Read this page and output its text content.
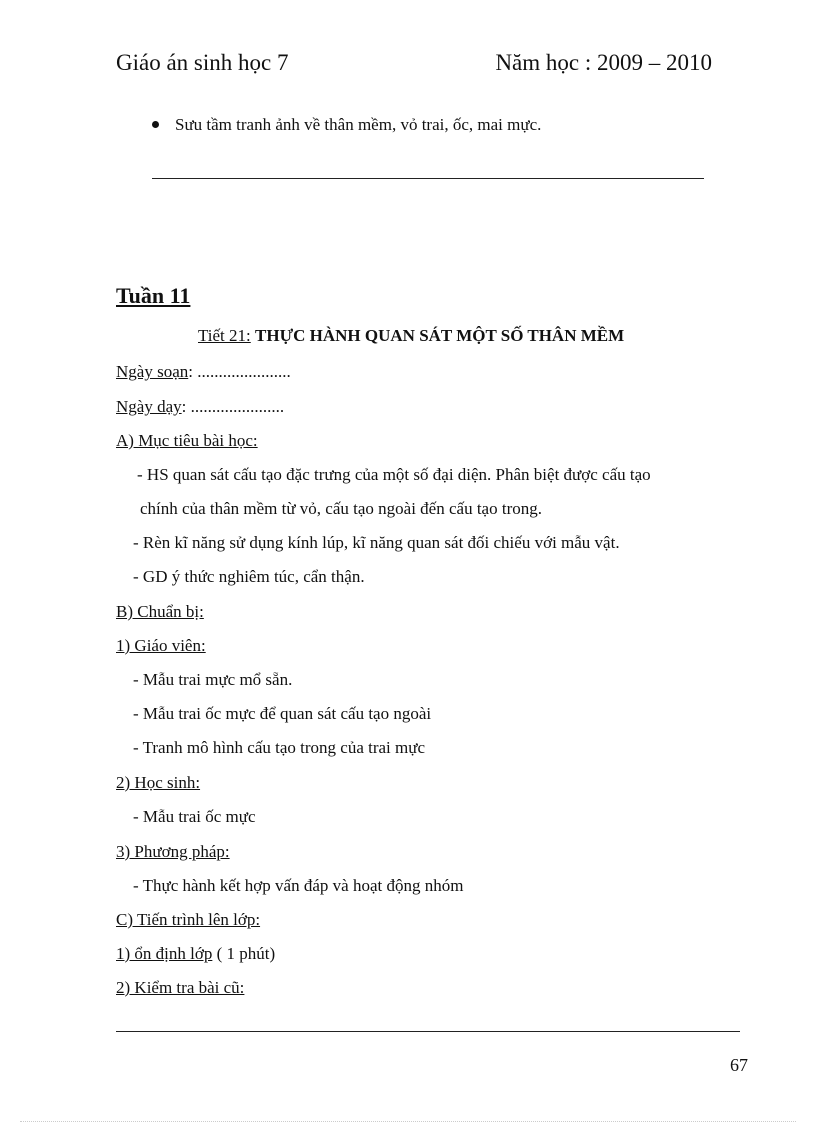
Giáo án sinh học 7	Năm học : 2009 – 2010
Sưu tầm tranh ảnh về thân mềm, vỏ trai, ốc, mai mực.
Tuần 11
Tiết 21: THỰC HÀNH QUAN SÁT MỘT SỐ THÂN MỀM
Ngày soạn: ......................
Ngày dạy: ......................
A) Mục tiêu bài học:
- HS quan sát cấu tạo đặc trưng của một số đại diện. Phân biệt được cấu tạo
chính của thân mềm từ vỏ, cấu tạo ngoài đến cấu tạo trong.
- Rèn kĩ năng sử dụng kính lúp, kĩ năng quan sát đối chiếu với mẫu vật.
- GD ý thức nghiêm túc, cẩn thận.
B) Chuẩn bị:
1) Giáo viên:
- Mẫu trai mực mổ sẵn.
- Mẫu trai ốc mực để quan sát cấu tạo ngoài
- Tranh mô hình cấu tạo trong của trai mực
2) Học sinh:
- Mẫu trai ốc mực
3) Phương pháp:
- Thực hành kết hợp vấn đáp và hoạt động nhóm
C) Tiến trình lên lớp:
1) ổn định lớp ( 1 phút)
2) Kiểm tra bài cũ:
67
